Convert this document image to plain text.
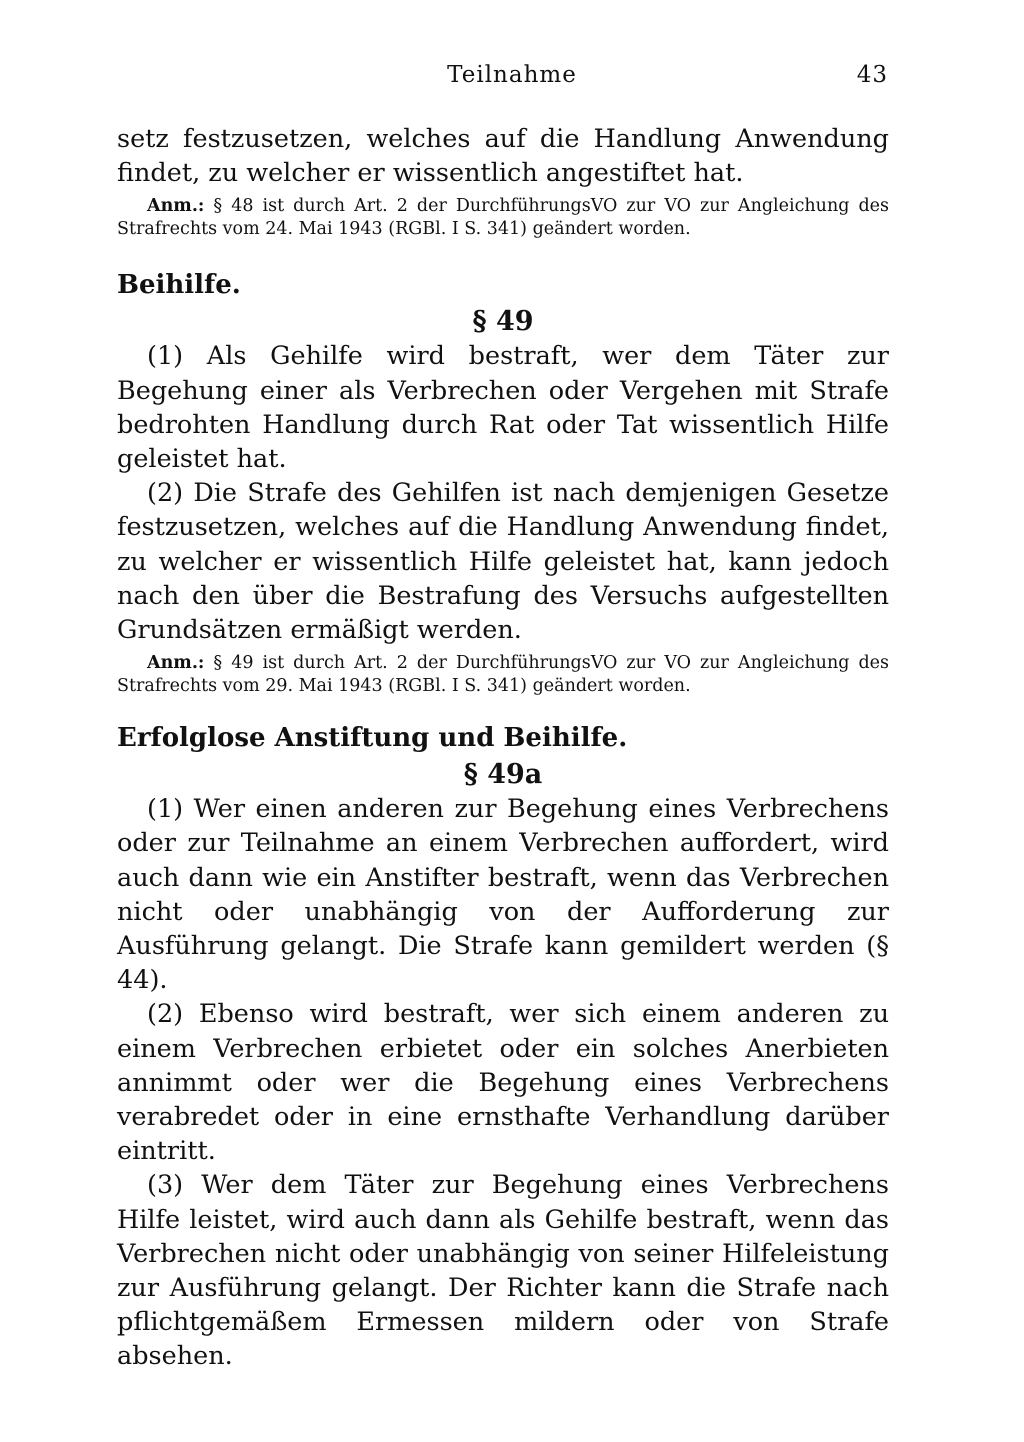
Teilnahme	43

setz festzusetzen, welches auf die Handlung Anwendung findet, zu welcher er wissentlich angestiftet hat.

Anm.: § 48 ist durch Art. 2 der DurchführungsVO zur VO zur Angleichung des Strafrechts vom 24. Mai 1943 (RGBl. I S. 341) geändert worden.

Beihilfe.

§ 49

(1) Als Gehilfe wird bestraft, wer dem Täter zur Begehung einer als Verbrechen oder Vergehen mit Strafe bedrohten Handlung durch Rat oder Tat wissentlich Hilfe geleistet hat.

(2) Die Strafe des Gehilfen ist nach demjenigen Gesetze festzusetzen, welches auf die Handlung Anwendung findet, zu welcher er wissentlich Hilfe geleistet hat, kann jedoch nach den über die Bestrafung des Versuchs aufgestellten Grundsätzen ermäßigt werden.

Anm.: § 49 ist durch Art. 2 der DurchführungsVO zur VO zur Angleichung des Strafrechts vom 29. Mai 1943 (RGBl. I S. 341) geändert worden.

Erfolglose Anstiftung und Beihilfe.

§ 49a

(1) Wer einen anderen zur Begehung eines Verbrechens oder zur Teilnahme an einem Verbrechen auffordert, wird auch dann wie ein Anstifter bestraft, wenn das Verbrechen nicht oder unabhängig von der Aufforderung zur Ausführung gelangt. Die Strafe kann gemildert werden (§ 44).

(2) Ebenso wird bestraft, wer sich einem anderen zu einem Verbrechen erbietet oder ein solches Anerbieten annimmt oder wer die Begehung eines Verbrechens verabredet oder in eine ernsthafte Verhandlung darüber eintritt.

(3) Wer dem Täter zur Begehung eines Verbrechens Hilfe leistet, wird auch dann als Gehilfe bestraft, wenn das Verbrechen nicht oder unabhängig von seiner Hilfeleistung zur Ausführung gelangt. Der Richter kann die Strafe nach pflichtgemäßem Ermessen mildern oder von Strafe absehen.
